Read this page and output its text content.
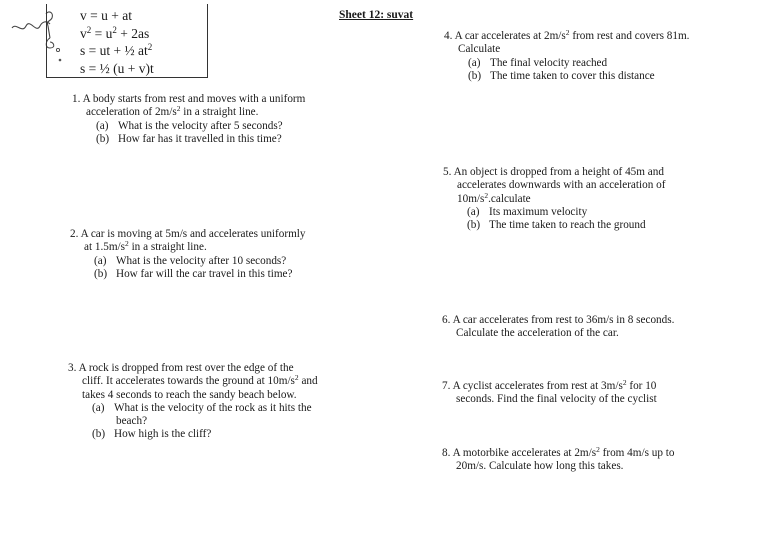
v = u + at
$v^2 = u^2 + 2as$
s = ut + ½ $at^2$
s = ½ (u + v)t
Sheet 12: suvat
1. A body starts from rest and moves with a uniform
acceleration of $2m/s^2$ in a straight line.
(a) What is the velocity after 5 seconds?
(b) How far has it travelled in this time?
2. A car is moving at 5m/s and accelerates uniformly
at $1.5m/s^2$ in a straight line.
(a) What is the velocity after 10 seconds?
(b) How far will the car travel in this time?
3. A rock is dropped from rest over the edge of the
cliff. It accelerates towards the ground at $10m/s^2$ and
takes 4 seconds to reach the sandy beach below.
(a) What is the velocity of the rock as it hits the
beach?
(b) How high is the cliff?
4. A car accelerates at $2m/s^2$ from rest and covers 81m.
Calculate
(a) The final velocity reached
(b) The time taken to cover this distance
5. An object is dropped from a height of 45m and
accelerates downwards with an acceleration of
$10m/s^2.calculate$
(a) Its maximum velocity
(b) The time taken to reach the ground
6. A car accelerates from rest to 36m/s in 8 seconds.
Calculate the acceleration of the car.
7. A cyclist accelerates from rest at $3m/s^2$ for 10
seconds. Find the final velocity of the cyclist
8. A motorbike accelerates at $2m/s^2$ from 4m/s up to
20m/s. Calculate how long this takes.
